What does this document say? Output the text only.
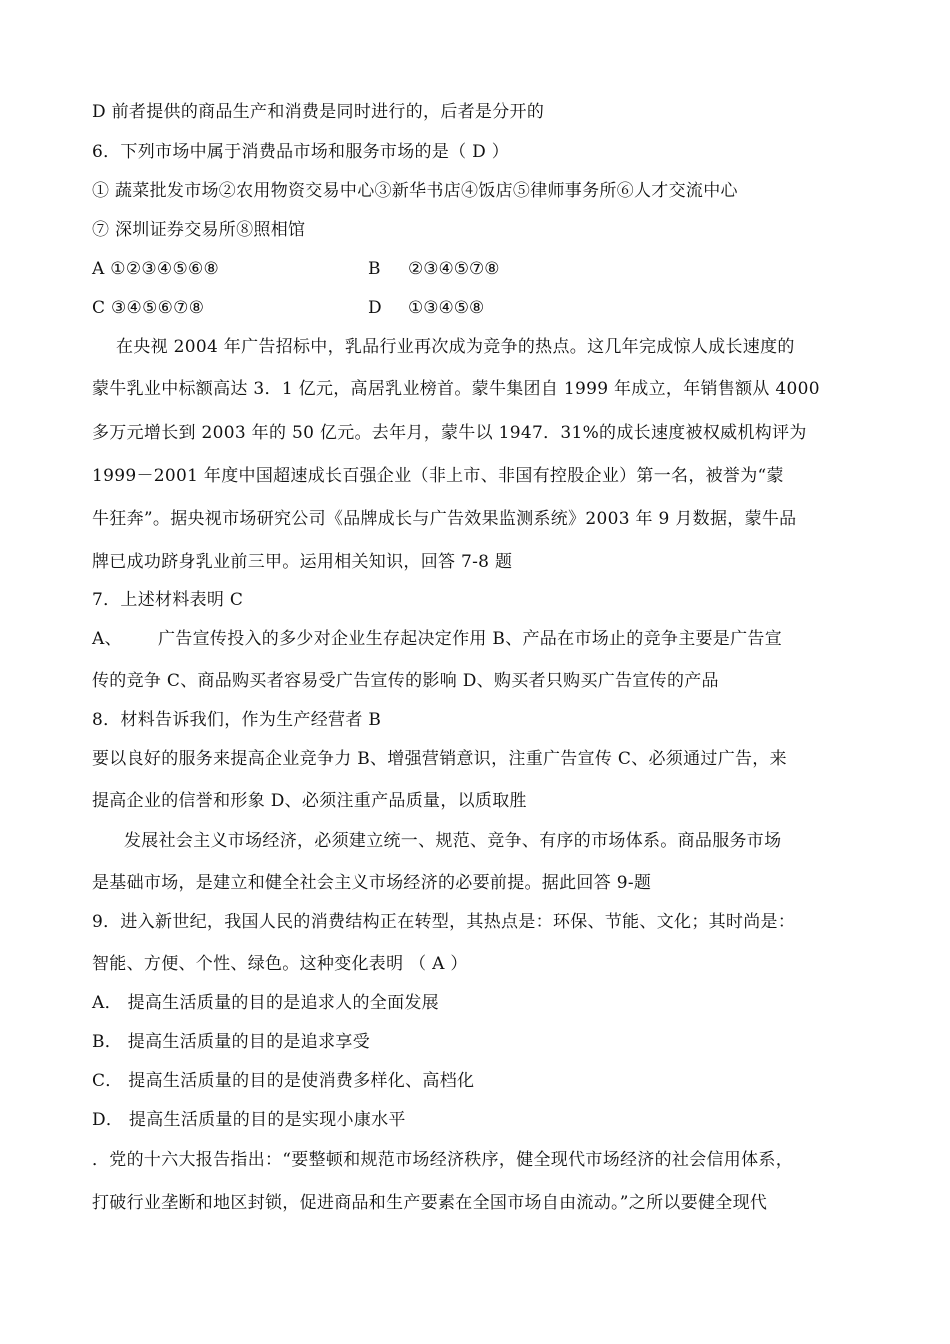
D 前者提供的商品生产和消费是同时进行的，后者是分开的
6．下列市场中属于消费品市场和服务市场的是（ D ）
① 蔬菜批发市场②农用物资交易中心③新华书店④饭店⑤律师事务所⑥人才交流中心
⑦ 深圳证券交易所⑧照相馆
A ①②③④⑤⑥⑧	B ②③④⑤⑦⑧
C ③④⑤⑥⑦⑧	D ①③④⑤⑧
在央视 2004 年广告招标中，乳品行业再次成为竞争的热点。这几年完成惊人成长速度的
蒙牛乳业中标额高达 3．1 亿元，高居乳业榜首。蒙牛集团自 1999 年成立，年销售额从 4000
多万元增长到 2003 年的 50 亿元。去年月，蒙牛以 1947．31%的成长速度被权威机构评为
1999－2001 年度中国超速成长百强企业（非上市、非国有控股企业）第一名，被誉为“蒙
牛狂奔”。据央视市场研究公司《品牌成长与广告效果监测系统》2003 年 9 月数据，蒙牛品
牌已成功跻身乳业前三甲。运用相关知识，回答 7-8 题
7．上述材料表明 C
A、 广告宣传投入的多少对企业生存起决定作用 B、产品在市场止的竞争主要是广告宣
传的竞争 C、商品购买者容易受广告宣传的影响 D、购买者只购买广告宣传的产品
8．材料告诉我们，作为生产经营者 B
要以良好的服务来提高企业竞争力 B、增强营销意识，注重广告宣传 C、必须通过广告，来
提高企业的信誉和形象 D、必须注重产品质量，以质取胜
发展社会主义市场经济，必须建立统一、规范、竞争、有序的市场体系。商品服务市场
是基础市场，是建立和健全社会主义市场经济的必要前提。据此回答 9-题
9．进入新世纪，我国人民的消费结构正在转型，其热点是：环保、节能、文化；其时尚是：
智能、方便、个性、绿色。这种变化表明 （ A ）
A． 提高生活质量的目的是追求人的全面发展
B． 提高生活质量的目的是追求享受
C． 提高生活质量的目的是使消费多样化、高档化
D． 提高生活质量的目的是实现小康水平
．党的十六大报告指出：“要整顿和规范市场经济秩序，健全现代市场经济的社会信用体系，
打破行业垄断和地区封锁，促进商品和生产要素在全国市场自由流动。”之所以要健全现代
